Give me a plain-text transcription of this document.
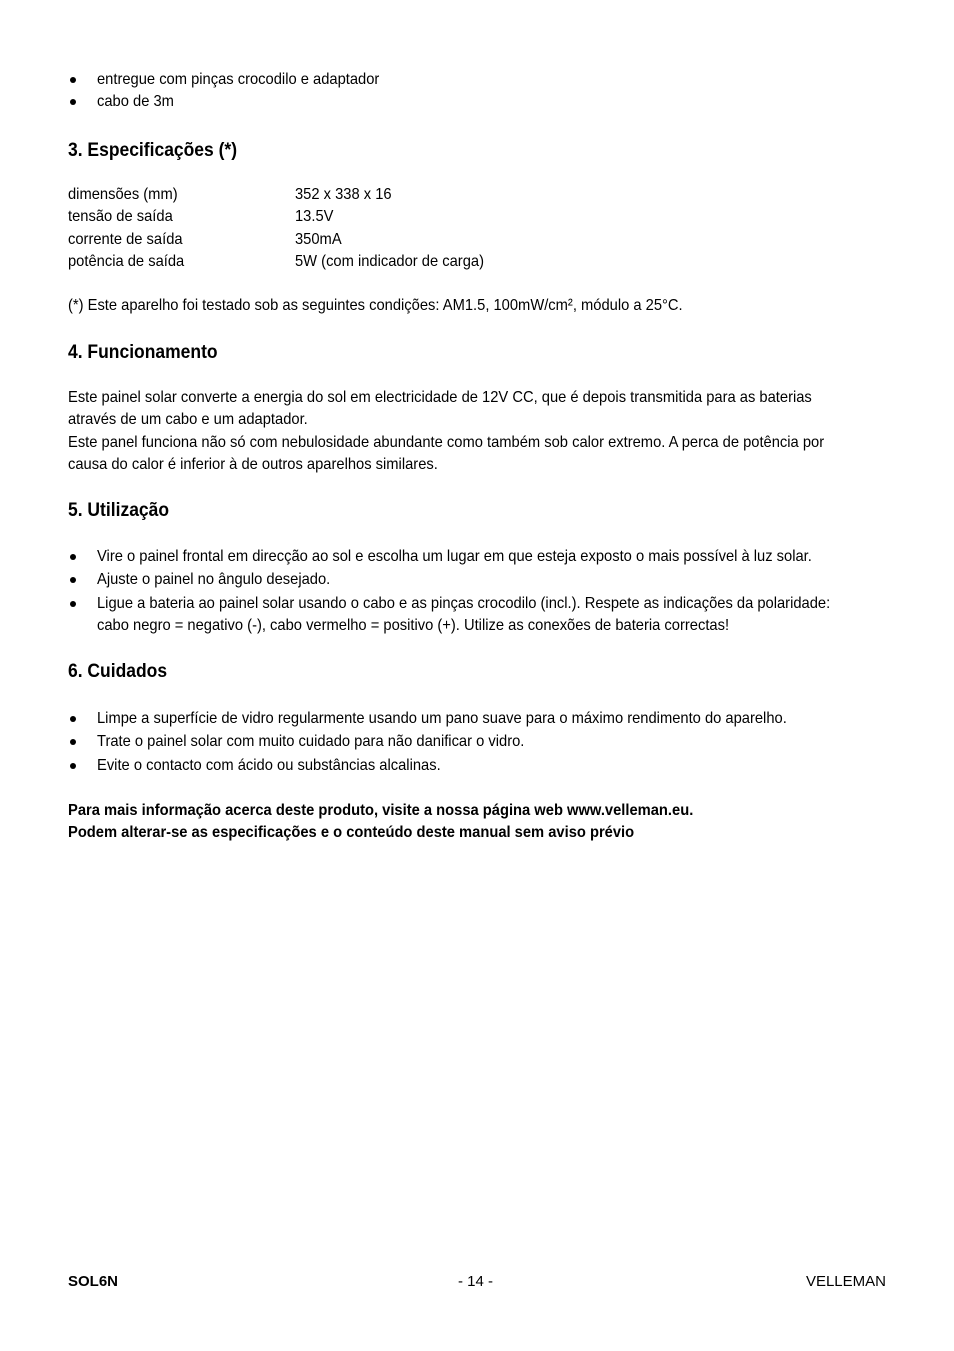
entregue com pinças crocodilo e adaptador
cabo de 3m
3. Especificações (*)
dimensões (mm)	352 x 338 x 16
tensão de saída	13.5V
corrente de saída	350mA
potência de saída	5W (com indicador de carga)
(*) Este aparelho foi testado sob as seguintes condições: AM1.5, 100mW/cm², módulo a 25°C.
4. Funcionamento
Este painel solar converte a energia do sol em electricidade de 12V CC, que é depois transmitida para as baterias
através de um cabo e um adaptador.
Este panel funciona não só com nebulosidade abundante como também sob calor extremo. A perca de potência por
causa do calor é inferior à de outros aparelhos similares.
5. Utilização
Vire o painel frontal em direcção ao sol e escolha um lugar em que esteja exposto o mais possível à luz solar.
Ajuste o painel no ângulo desejado.
Ligue a bateria ao painel solar usando o cabo e as pinças crocodilo (incl.). Respete as indicações da polaridade:
cabo negro = negativo (-), cabo vermelho = positivo (+). Utilize as conexões de bateria correctas!
6. Cuidados
Limpe a superfície de vidro regularmente usando um pano suave para o máximo rendimento do aparelho.
Trate o painel solar com muito cuidado para não danificar o vidro.
Evite o contacto com ácido ou substâncias alcalinas.
Para mais informação acerca deste produto, visite a nossa página web www.velleman.eu.
Podem alterar-se as especificações e o conteúdo deste manual sem aviso prévio
SOL6N	- 14 -	VELLEMAN
